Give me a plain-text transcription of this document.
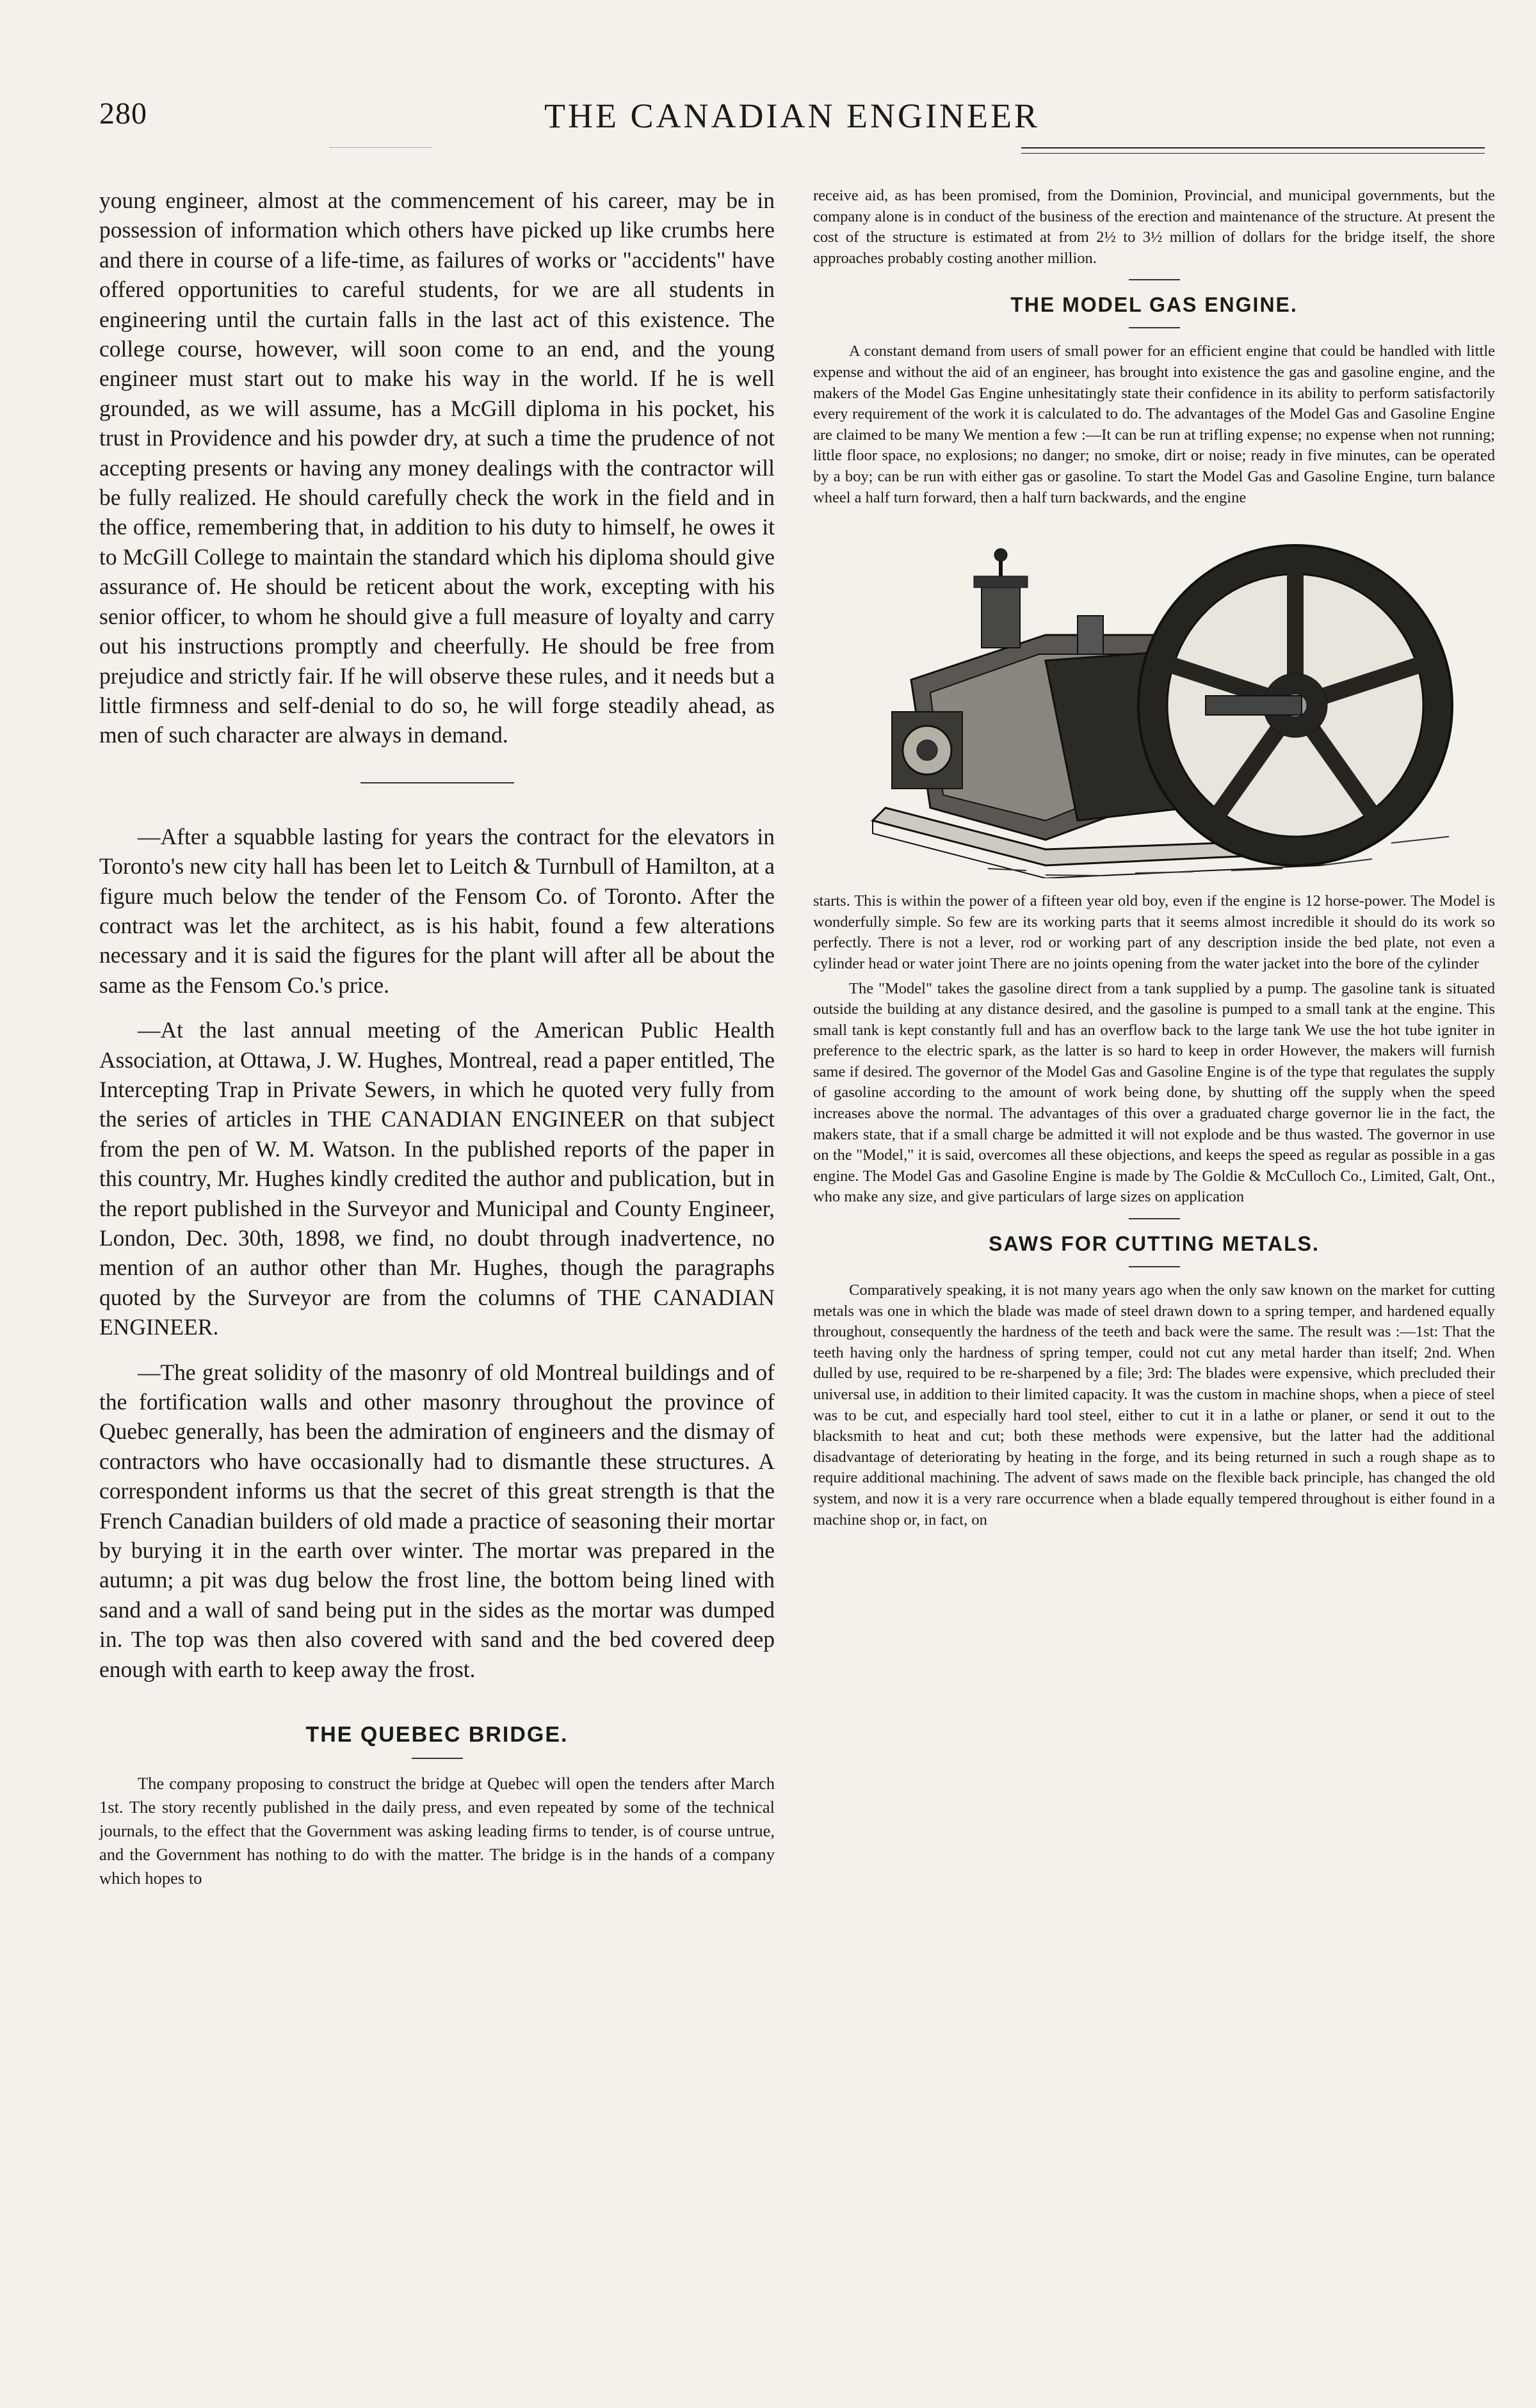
280	THE CANADIAN ENGINEER

young engineer, almost at the commencement of his career, may be in possession of information which others have picked up like crumbs here and there in course of a life-time, as failures of works or "accidents" have offered opportunities to careful students, for we are all students in engineering until the curtain falls in the last act of this existence. The college course, however, will soon come to an end, and the young engineer must start out to make his way in the world. If he is well grounded, as we will assume, has a McGill diploma in his pocket, his trust in Providence and his powder dry, at such a time the prudence of not accepting presents or having any money dealings with the contractor will be fully realized. He should carefully check the work in the field and in the office, remembering that, in addition to his duty to himself, he owes it to McGill College to maintain the standard which his diploma should give assurance of. He should be reticent about the work, excepting with his senior officer, to whom he should give a full measure of loyalty and carry out his instructions promptly and cheerfully. He should be free from prejudice and strictly fair. If he will observe these rules, and it needs but a little firmness and self-denial to do so, he will forge steadily ahead, as men of such character are always in demand.

—After a squabble lasting for years the contract for the elevators in Toronto's new city hall has been let to Leitch & Turnbull of Hamilton, at a figure much below the tender of the Fensom Co. of Toronto. After the contract was let the architect, as is his habit, found a few alterations necessary and it is said the figures for the plant will after all be about the same as the Fensom Co.'s price.

—At the last annual meeting of the American Public Health Association, at Ottawa, J. W. Hughes, Montreal, read a paper entitled, The Intercepting Trap in Private Sewers, in which he quoted very fully from the series of articles in THE CANADIAN ENGINEER on that subject from the pen of W. M. Watson. In the published reports of the paper in this country, Mr. Hughes kindly credited the author and publication, but in the report published in the Surveyor and Municipal and County Engineer, London, Dec. 30th, 1898, we find, no doubt through inadvertence, no mention of an author other than Mr. Hughes, though the paragraphs quoted by the Surveyor are from the columns of THE CANADIAN ENGINEER.

—The great solidity of the masonry of old Montreal buildings and of the fortification walls and other masonry throughout the province of Quebec generally, has been the admiration of engineers and the dismay of contractors who have occasionally had to dismantle these structures. A correspondent informs us that the secret of this great strength is that the French Canadian builders of old made a practice of seasoning their mortar by burying it in the earth over winter. The mortar was prepared in the autumn; a pit was dug below the frost line, the bottom being lined with sand and a wall of sand being put in the sides as the mortar was dumped in. The top was then also covered with sand and the bed covered deep enough with earth to keep away the frost.

THE QUEBEC BRIDGE.

The company proposing to construct the bridge at Quebec will open the tenders after March 1st. The story recently published in the daily press, and even repeated by some of the technical journals, to the effect that the Government was asking leading firms to tender, is of course untrue, and the Government has nothing to do with the matter. The bridge is in the hands of a company which hopes to

receive aid, as has been promised, from the Dominion, Provincial, and municipal governments, but the company alone is in conduct of the business of the erection and maintenance of the structure. At present the cost of the structure is estimated at from 2½ to 3½ million of dollars for the bridge itself, the shore approaches probably costing another million.

THE MODEL GAS ENGINE.

A constant demand from users of small power for an efficient engine that could be handled with little expense and without the aid of an engineer, has brought into existence the gas and gasoline engine, and the makers of the Model Gas Engine unhesitatingly state their confidence in its ability to perform satisfactorily every requirement of the work it is calculated to do. The advantages of the Model Gas and Gasoline Engine are claimed to be many We mention a few :—It can be run at trifling expense; no expense when not running; little floor space, no explosions; no danger; no smoke, dirt or noise; ready in five minutes, can be operated by a boy; can be run with either gas or gasoline. To start the Model Gas and Gasoline Engine, turn balance wheel a half turn forward, then a half turn backwards, and the engine

starts. This is within the power of a fifteen year old boy, even if the engine is 12 horse-power. The Model is wonderfully simple. So few are its working parts that it seems almost incredible it should do its work so perfectly. There is not a lever, rod or working part of any description inside the bed plate, not even a cylinder head or water joint There are no joints opening from the water jacket into the bore of the cylinder

The "Model" takes the gasoline direct from a tank supplied by a pump. The gasoline tank is situated outside the building at any distance desired, and the gasoline is pumped to a small tank at the engine. This small tank is kept constantly full and has an overflow back to the large tank We use the hot tube igniter in preference to the electric spark, as the latter is so hard to keep in order However, the makers will furnish same if desired. The governor of the Model Gas and Gasoline Engine is of the type that regulates the supply of gasoline according to the amount of work being done, by shutting off the supply when the speed increases above the normal. The advantages of this over a graduated charge governor lie in the fact, the makers state, that if a small charge be admitted it will not explode and be thus wasted. The governor in use on the "Model," it is said, overcomes all these objections, and keeps the speed as regular as possible in a gas engine. The Model Gas and Gasoline Engine is made by The Goldie & McCulloch Co., Limited, Galt, Ont., who make any size, and give particulars of large sizes on application

SAWS FOR CUTTING METALS.

Comparatively speaking, it is not many years ago when the only saw known on the market for cutting metals was one in which the blade was made of steel drawn down to a spring temper, and hardened equally throughout, consequently the hardness of the teeth and back were the same. The result was :—1st: That the teeth having only the hardness of spring temper, could not cut any metal harder than itself; 2nd. When dulled by use, required to be re-sharpened by a file; 3rd: The blades were expensive, which precluded their universal use, in addition to their limited capacity. It was the custom in machine shops, when a piece of steel was to be cut, and especially hard tool steel, either to cut it in a lathe or planer, or send it out to the blacksmith to heat and cut; both these methods were expensive, but the latter had the additional disadvantage of deteriorating by heating in the forge, and its being returned in such a rough shape as to require additional machining. The advent of saws made on the flexible back principle, has changed the old system, and now it is a very rare occurrence when a blade equally tempered throughout is either found in a machine shop or, in fact, on
